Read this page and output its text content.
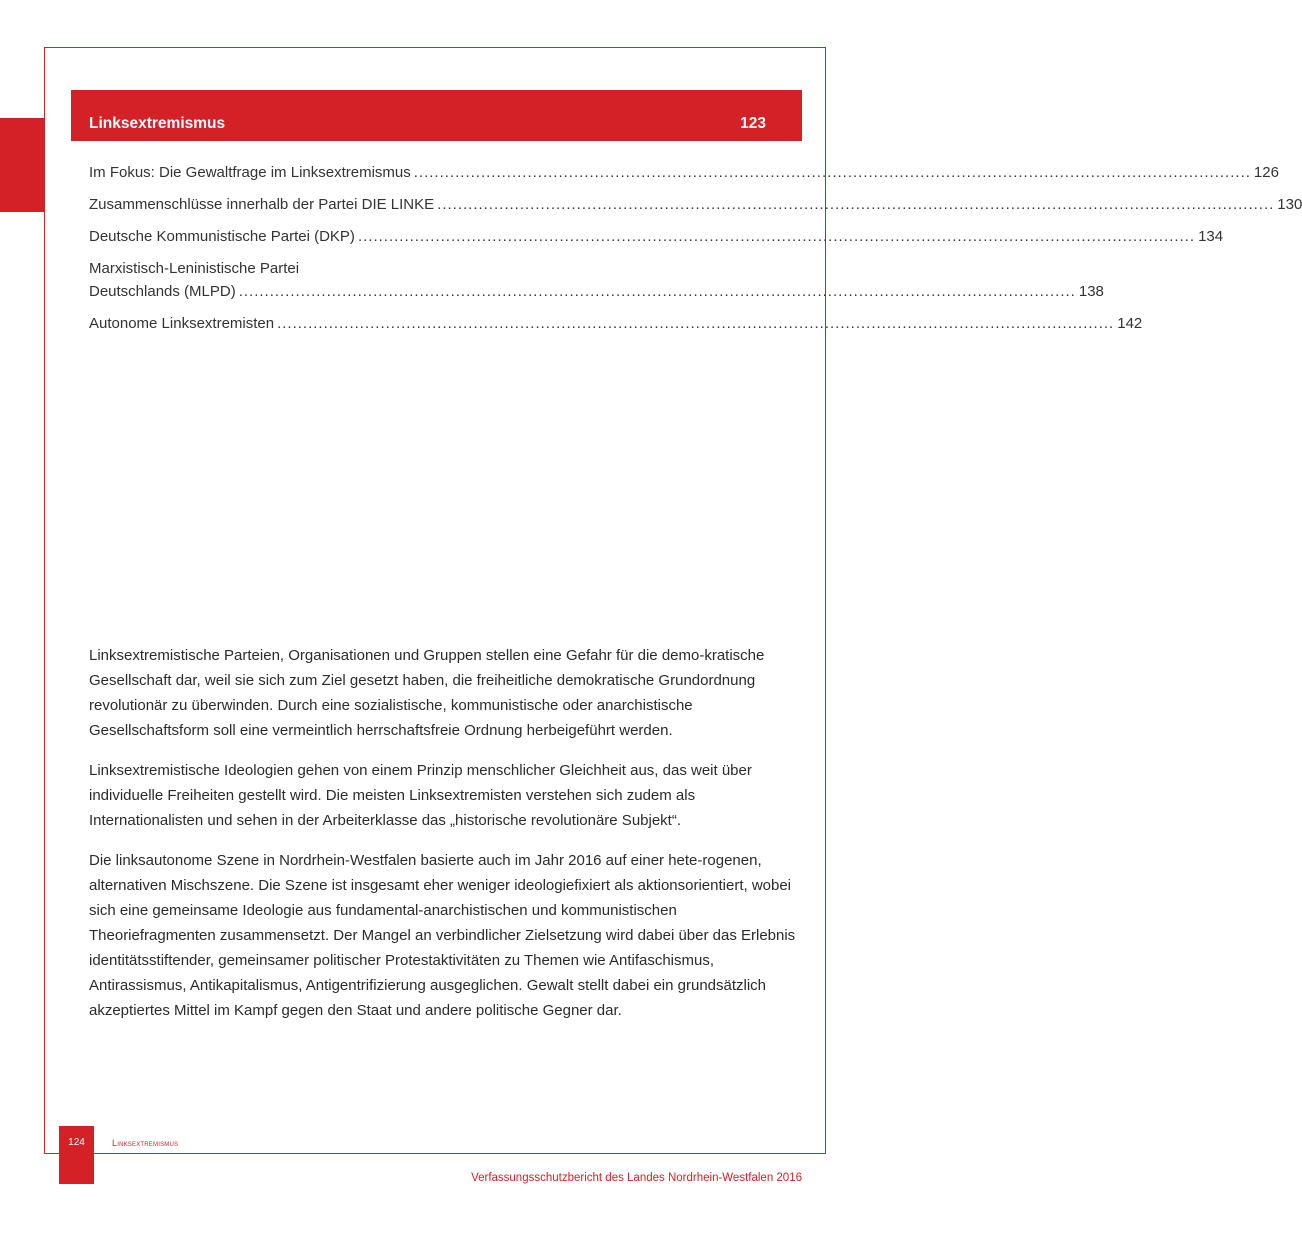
Linksextremismus	123
Im Fokus: Die Gewaltfrage im Linksextremismus .................................................................................................................................................................. 126
Zusammenschlüsse innerhalb der Partei DIE LINKE .................................................................................................................................................................. 130
Deutsche Kommunistische Partei (DKP) .................................................................................................................................................................. 134
Marxistisch-Leninistische Partei
Deutschlands (MLPD) .................................................................................................................................................................. 138
Autonome Linksextremisten .................................................................................................................................................................. 142

Linksextremistische Parteien, Organisationen und Gruppen stellen eine Gefahr für die demo-kratische Gesellschaft dar, weil sie sich zum Ziel gesetzt haben, die freiheitliche demokratische Grundordnung revolutionär zu überwinden. Durch eine sozialistische, kommunistische oder anarchistische Gesellschaftsform soll eine vermeintlich herrschaftsfreie Ordnung herbeigeführt werden.

Linksextremistische Ideologien gehen von einem Prinzip menschlicher Gleichheit aus, das weit über individuelle Freiheiten gestellt wird. Die meisten Linksextremisten verstehen sich zudem als Internationalisten und sehen in der Arbeiterklasse das „historische revolutionäre Subjekt“.

Die linksautonome Szene in Nordrhein-Westfalen basierte auch im Jahr 2016 auf einer hete-rogenen, alternativen Mischszene. Die Szene ist insgesamt eher weniger ideologiefixiert als aktionsorientiert, wobei sich eine gemeinsame Ideologie aus fundamental-anarchistischen und kommunistischen Theoriefragmenten zusammensetzt. Der Mangel an verbindlicher Zielsetzung wird dabei über das Erlebnis identitätsstiftender, gemeinsamer politischer Protestaktivitäten zu Themen wie Antifaschismus, Antirassismus, Antikapitalismus, Antigentrifizierung ausgeglichen. Gewalt stellt dabei ein grundsätzlich akzeptiertes Mittel im Kampf gegen den Staat und andere politische Gegner dar.

124	Linksextremismus
Verfassungsschutzbericht des Landes Nordrhein-Westfalen 2016
